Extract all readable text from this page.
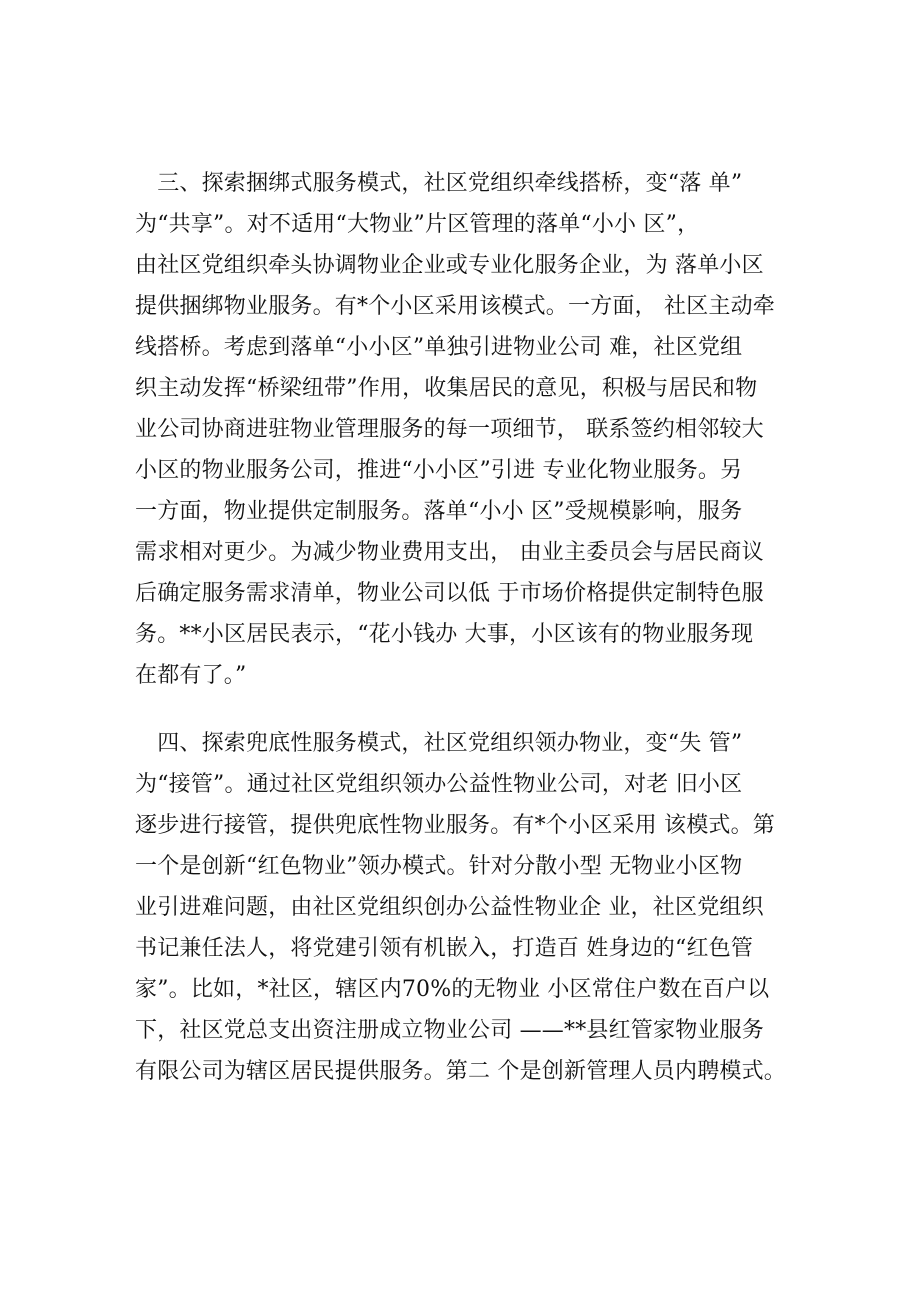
　三、探索捆绑式服务模式，社区党组织牵线搭桥，变“落 单”
为“共享”。对不适用“大物业”片区管理的落单“小小 区”，
由社区党组织牵头协调物业企业或专业化服务企业，为 落单小区
提供捆绑物业服务。有*个小区采用该模式。一方面， 社区主动牵
线搭桥。考虑到落单“小小区”单独引进物业公司 难，社区党组
织主动发挥“桥梁纽带”作用，收集居民的意见，积极与居民和物
业公司协商进驻物业管理服务的每一项细节， 联系签约相邻较大
小区的物业服务公司，推进“小小区”引进 专业化物业服务。另
一方面，物业提供定制服务。落单“小小 区”受规模影响，服务
需求相对更少。为减少物业费用支出， 由业主委员会与居民商议
后确定服务需求清单，物业公司以低 于市场价格提供定制特色服
务。**小区居民表示，“花小钱办 大事，小区该有的物业服务现
在都有了。”
　四、探索兜底性服务模式，社区党组织领办物业，变“失 管”
为“接管”。通过社区党组织领办公益性物业公司，对老 旧小区
逐步进行接管，提供兜底性物业服务。有*个小区采用 该模式。第
一个是创新“红色物业”领办模式。针对分散小型 无物业小区物
业引进难问题，由社区党组织创办公益性物业企 业，社区党组织
书记兼任法人，将党建引领有机嵌入，打造百 姓身边的“红色管
家”。比如，*社区，辖区内70%的无物业 小区常住户数在百户以
下，社区党总支出资注册成立物业公司 ——**县红管家物业服务
有限公司为辖区居民提供服务。第二 个是创新管理人员内聘模式。
